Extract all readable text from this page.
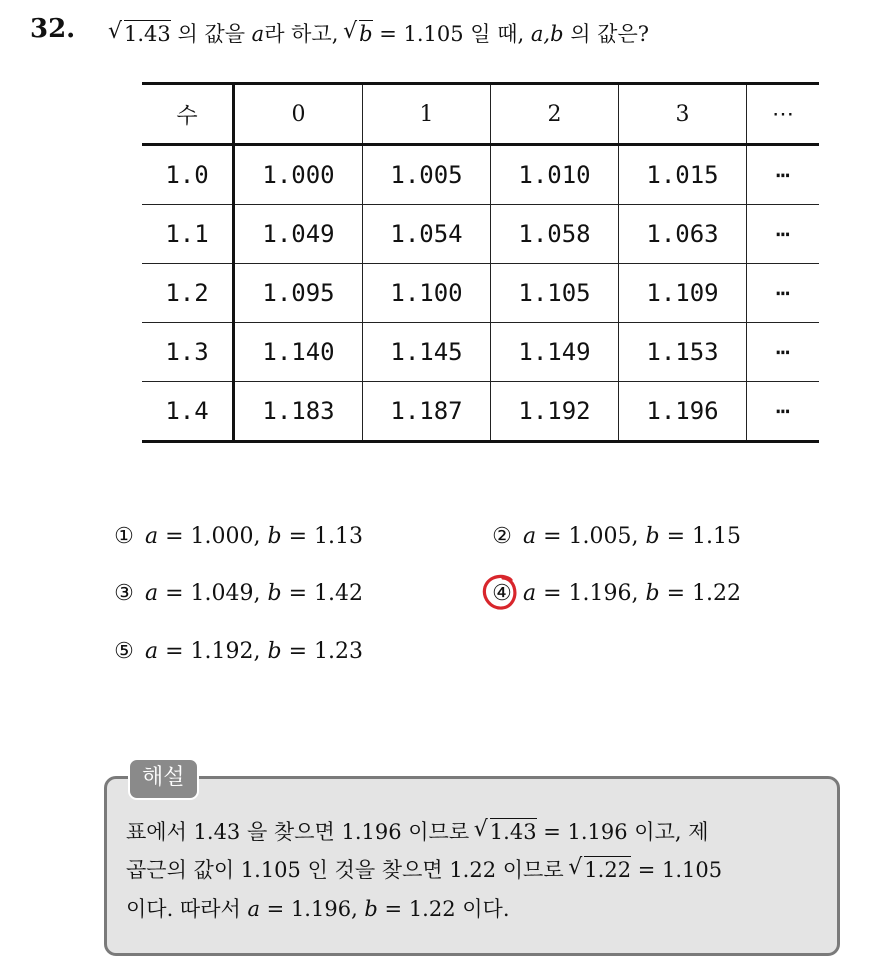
32.	√ 1.43 의 값을 a라 하고, √ b = 1.105 일 때, a,b 의 값은?
수	0	1	2	3	⋯
1.0	1.000	1.005	1.010	1.015	⋯
1.1	1.049	1.054	1.058	1.063	⋯
1.2	1.095	1.100	1.105	1.109	⋯
1.3	1.140	1.145	1.149	1.153	⋯
1.4	1.183	1.187	1.192	1.196	⋯
① a = 1.000, b = 1.13	② a = 1.005, b = 1.15
③ a = 1.049, b = 1.42	④ a = 1.196, b = 1.22
⑤ a = 1.192, b = 1.23
해설
표에서 1.43 을 찾으면 1.196 이므로 √ 1.43 = 1.196 이고, 제
곱근의 값이 1.105 인 것을 찾으면 1.22 이므로 √ 1.22 = 1.105
이다. 따라서 a = 1.196, b = 1.22 이다.
